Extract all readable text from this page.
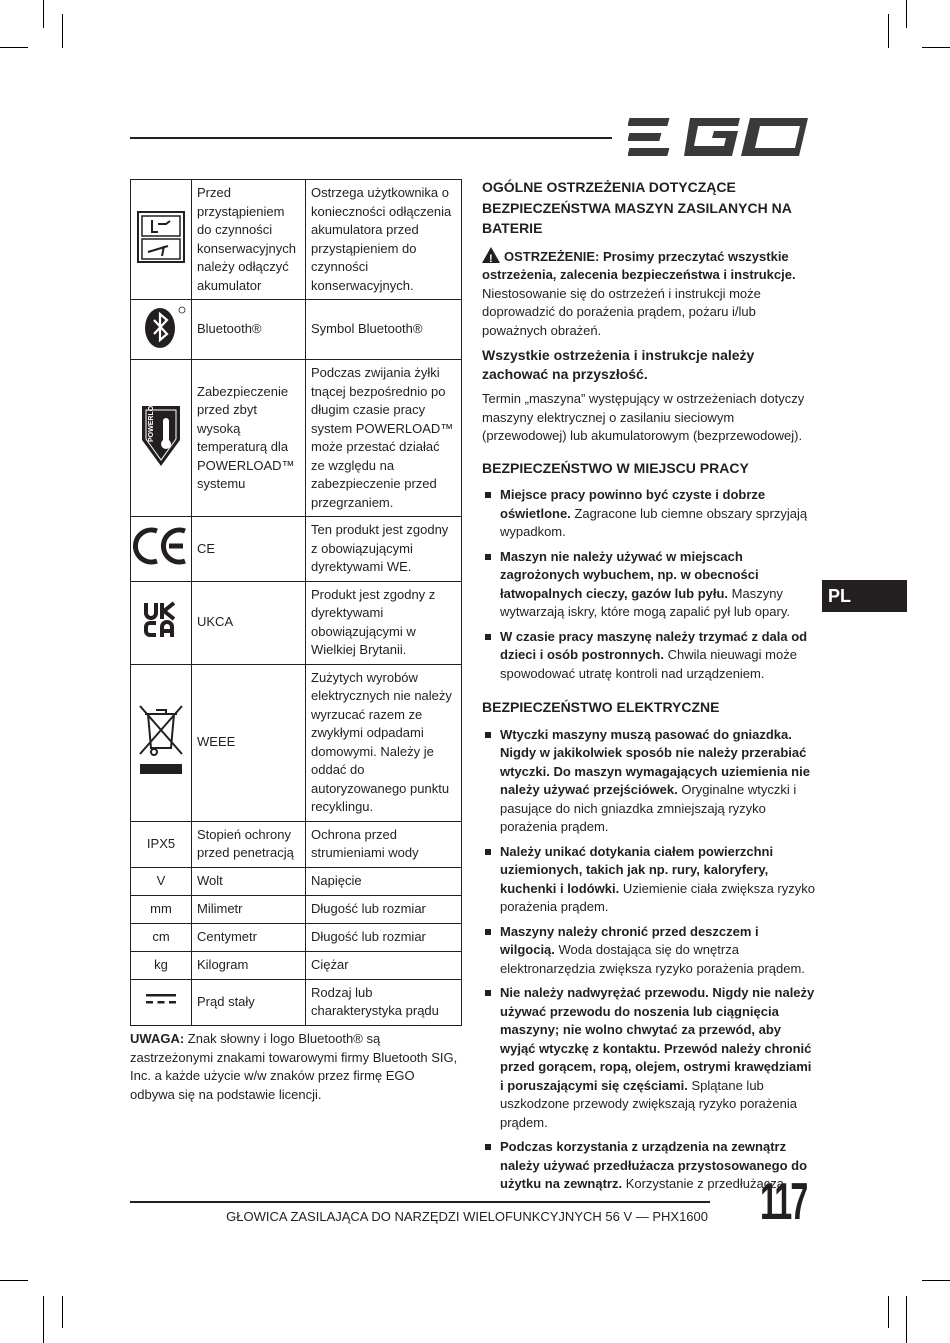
	Przed przystąpieniem do czynności konserwacyjnych należy odłączyć akumulator	Ostrzega użytkownika o konieczności odłączenia akumulatora przed przystąpieniem do czynności konserwacyjnych.
	Bluetooth®	Symbol Bluetooth®

POWERLOAD	Zabezpieczenie przed zbyt wysoką temperaturą dla POWERLOAD™ systemu	Podczas zwijania żyłki tnącej bezpośrednio po długim czasie pracy system POWERLOAD™ może przestać działać ze względu na zabezpieczenie przed przegrzaniem.
	CE	Ten produkt jest zgodny z obowiązującymi dyrektywami WE.
	UKCA	Produkt jest zgodny z dyrektywami obowiązującymi w Wielkiej Brytanii.
	WEEE	Zużytych wyrobów elektrycznych nie należy wyrzucać razem ze zwykłymi odpadami domowymi. Należy je oddać do autoryzowanego punktu recyklingu.
IPX5	Stopień ochrony przed penetracją	Ochrona przed strumieniami wody
V	Wolt	Napięcie
mm	Milimetr	Długość lub rozmiar
cm	Centymetr	Długość lub rozmiar
kg	Kilogram	Ciężar
	Prąd stały	Rodzaj lub charakterystyka prądu
UWAGA: Znak słowny i logo Bluetooth® są zastrzeżonymi znakami towarowymi firmy Bluetooth SIG, Inc. a każde użycie w/w znaków przez firmę EGO odbywa się na podstawie licencji.
OGÓLNE OSTRZEŻENIA DOTYCZĄCE BEZPIECZEŃSTWA MASZYN ZASILANYCH NA BATERIE

! OSTRZEŻENIE: Prosimy przeczytać wszystkie ostrzeżenia, zalecenia bezpieczeństwa i instrukcje. Niestosowanie się do ostrzeżeń i instrukcji może doprowadzić do porażenia prądem, pożaru i/lub poważnych obrażeń.

Wszystkie ostrzeżenia i instrukcje należy zachować na przyszłość.

Termin „maszyna” występujący w ostrzeżeniach dotyczy maszyny elektrycznej o zasilaniu sieciowym (przewodowej) lub akumulatorowym (bezprzewodowej).

BEZPIECZEŃSTWO W MIEJSCU PRACY
Miejsce pracy powinno być czyste i dobrze oświetlone. Zagracone lub ciemne obszary sprzyjają wypadkom.
Maszyn nie należy używać w miejscach zagrożonych wybuchem, np. w obecności łatwopalnych cieczy, gazów lub pyłu. Maszyny wytwarzają iskry, które mogą zapalić pył lub opary.
W czasie pracy maszynę należy trzymać z dala od dzieci i osób postronnych. Chwila nieuwagi może spowodować utratę kontroli nad urządzeniem.
BEZPIECZEŃSTWO ELEKTRYCZNE
Wtyczki maszyny muszą pasować do gniazdka. Nigdy w jakikolwiek sposób nie należy przerabiać wtyczki. Do maszyn wymagających uziemienia nie należy używać przejściówek. Oryginalne wtyczki i pasujące do nich gniazdka zmniejszają ryzyko porażenia prądem.
Należy unikać dotykania ciałem powierzchni uziemionych, takich jak np. rury, kaloryfery, kuchenki i lodówki. Uziemienie ciała zwiększa ryzyko porażenia prądem.
Maszyny należy chronić przed deszczem i wilgocią. Woda dostająca się do wnętrza elektronarzędzia zwiększa ryzyko porażenia prądem.
Nie należy nadwyrężać przewodu. Nigdy nie należy używać przewodu do noszenia lub ciągnięcia maszyny; nie wolno chwytać za przewód, aby wyjąć wtyczkę z kontaktu. Przewód należy chronić przed gorącem, ropą, olejem, ostrymi krawędziami i poruszającymi się częściami. Splątane lub uszkodzone przewody zwiększają ryzyko porażenia prądem.
Podczas korzystania z urządzenia na zewnątrz należy używać przedłużacza przystosowanego do użytku na zewnątrz. Korzystanie z przedłużacza
PL
GŁOWICA ZASILAJĄCA DO NARZĘDZI WIELOFUNKCYJNYCH 56 V — PHX1600 117
